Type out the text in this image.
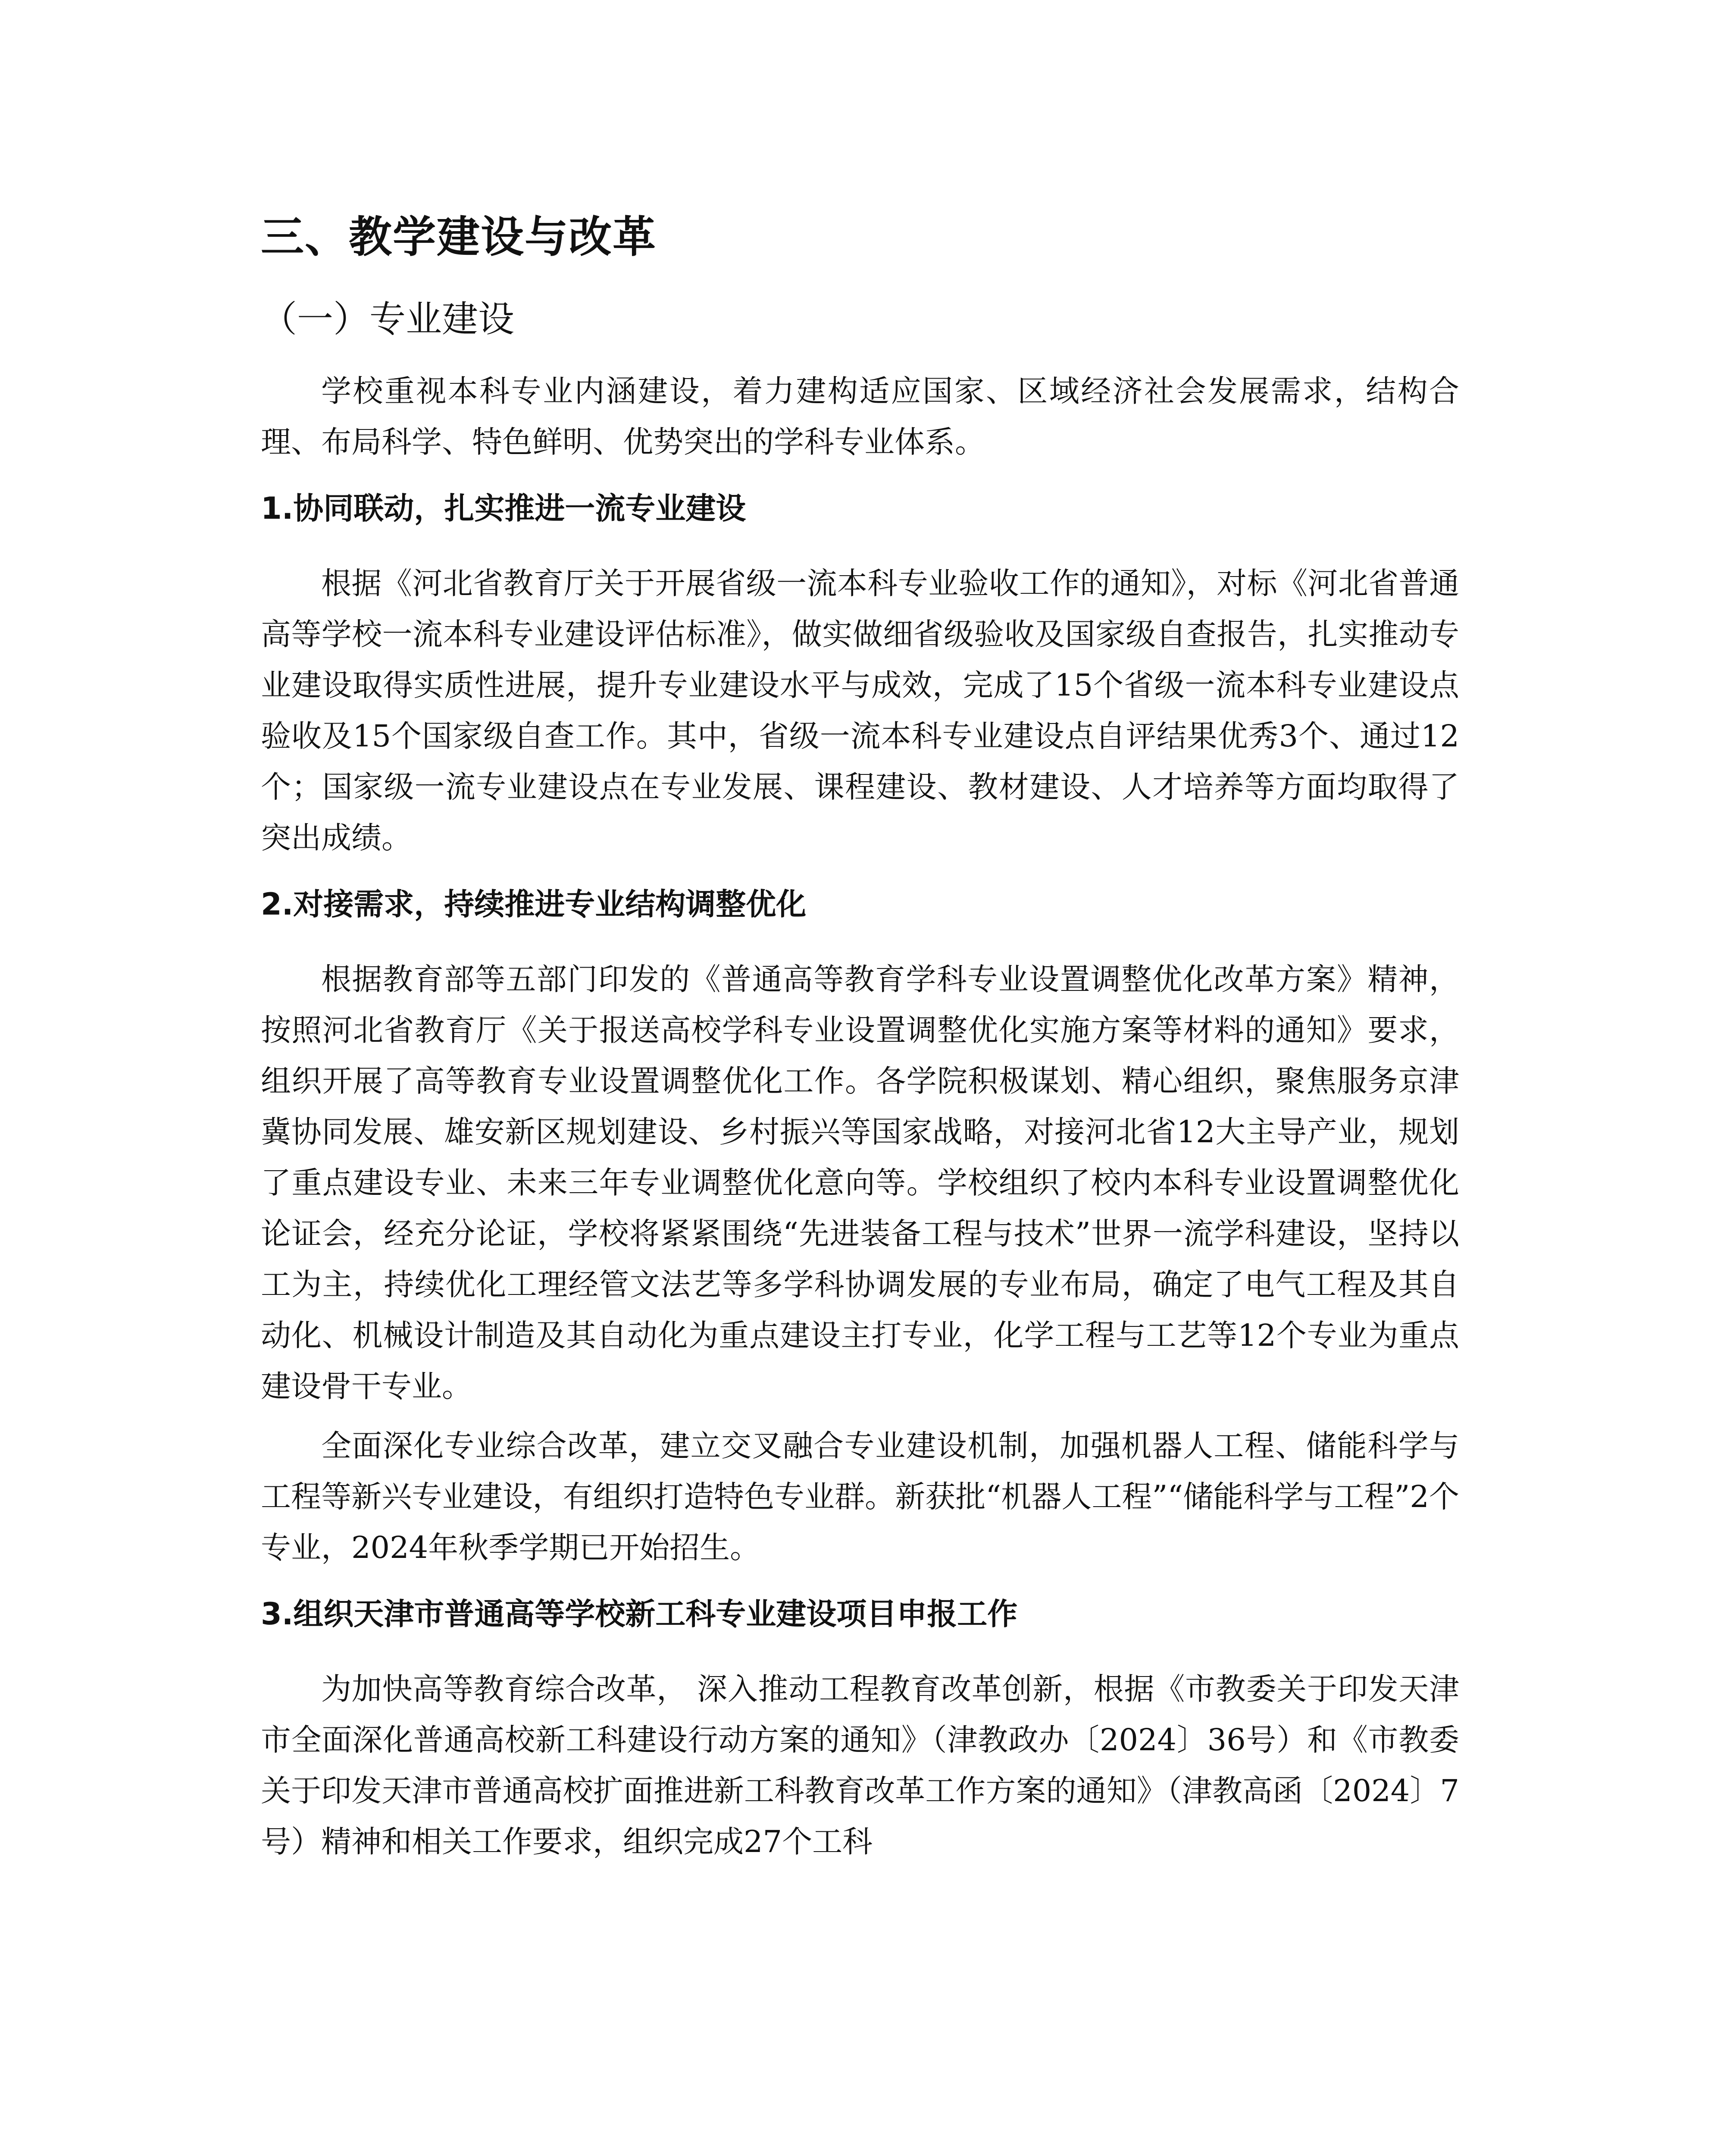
三、教学建设与改革
（一）专业建设

学校重视本科专业内涵建设，着力建构适应国家、区域经济社会发展需求，结构合理、布局科学、特色鲜明、优势突出的学科专业体系。

1.协同联动，扎实推进一流专业建设

根据《河北省教育厅关于开展省级一流本科专业验收工作的通知》，对标《河北省普通高等学校一流本科专业建设评估标准》，做实做细省级验收及国家级自查报告，扎实推动专业建设取得实质性进展，提升专业建设水平与成效，完成了15个省级一流本科专业建设点验收及15个国家级自查工作。其中，省级一流本科专业建设点自评结果优秀3个、通过12个；国家级一流专业建设点在专业发展、课程建设、教材建设、人才培养等方面均取得了突出成绩。

2.对接需求，持续推进专业结构调整优化

根据教育部等五部门印发的《普通高等教育学科专业设置调整优化改革方案》精神，按照河北省教育厅《关于报送高校学科专业设置调整优化实施方案等材料的通知》要求，组织开展了高等教育专业设置调整优化工作。各学院积极谋划、精心组织，聚焦服务京津冀协同发展、雄安新区规划建设、乡村振兴等国家战略，对接河北省12大主导产业，规划了重点建设专业、未来三年专业调整优化意向等。学校组织了校内本科专业设置调整优化论证会，经充分论证，学校将紧紧围绕“先进装备工程与技术”世界一流学科建设，坚持以工为主，持续优化工理经管文法艺等多学科协调发展的专业布局，确定了电气工程及其自动化、机械设计制造及其自动化为重点建设主打专业，化学工程与工艺等12个专业为重点建设骨干专业。

全面深化专业综合改革，建立交叉融合专业建设机制，加强机器人工程、储能科学与工程等新兴专业建设，有组织打造特色专业群。新获批“机器人工程”“储能科学与工程”2个专业，2024年秋季学期已开始招生。

3.组织天津市普通高等学校新工科专业建设项目申报工作

为加快高等教育综合改革， 深入推动工程教育改革创新，根据《市教委关于印发天津市全面深化普通高校新工科建设行动方案的通知》（津教政办〔2024〕36号）和《市教委关于印发天津市普通高校扩面推进新工科教育改革工作方案的通知》（津教高函〔2024〕7号）精神和相关工作要求，组织完成27个工科
